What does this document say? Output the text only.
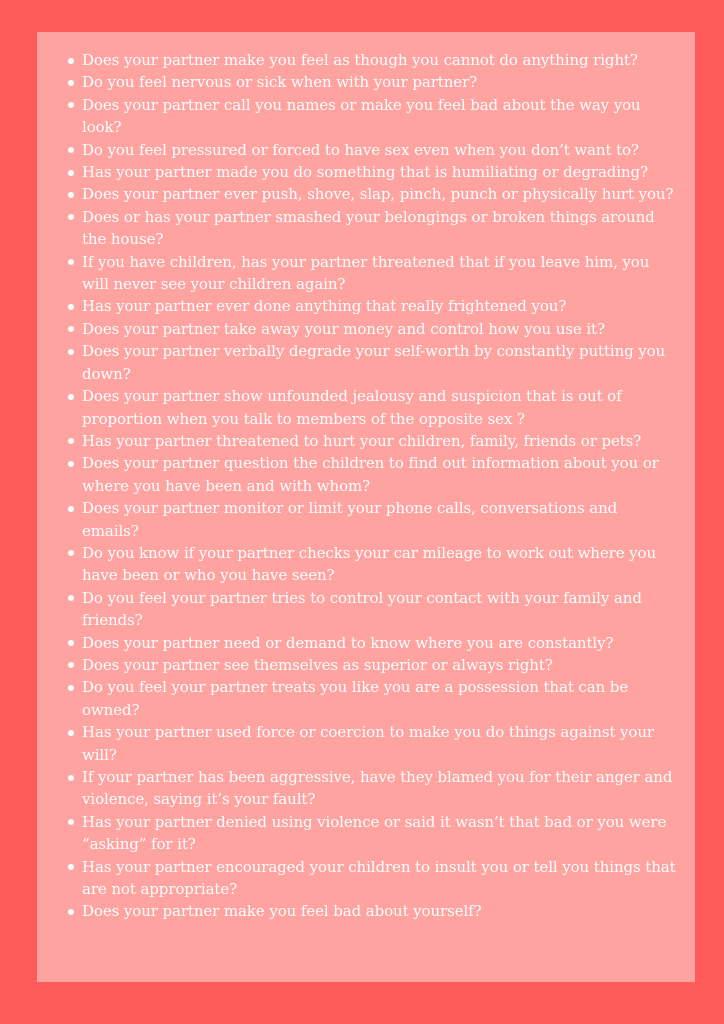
Does your partner make you feel as though you cannot do anything right?
Do you feel nervous or sick when with your partner?
Does your partner call you names or make you feel bad about the way you look?
Do you feel pressured or forced to have sex even when you don’t want to?
Has your partner made you do something that is humiliating or degrading?
Does your partner ever push, shove, slap, pinch, punch or physically hurt you?
Does or has your partner smashed your belongings or broken things around the house?
If you have children, has your partner threatened that if you leave him, you will never see your children again?
Has your partner ever done anything that really frightened you?
Does your partner take away your money and control how you use it?
Does your partner verbally degrade your self-worth by constantly putting you down?
Does your partner show unfounded jealousy and suspicion that is out of proportion when you talk to members of the opposite sex ?
Has your partner threatened to hurt your children, family, friends or pets?
Does your partner question the children to find out information about you or where you have been and with whom?
Does your partner monitor or limit your phone calls, conversations and emails?
Do you know if your partner checks your car mileage to work out where you have been or who you have seen?
Do you feel your partner tries to control your contact with your family and friends?
Does your partner need or demand to know where you are constantly?
Does your partner see themselves as superior or always right?
Do you feel your partner treats you like you are a possession that can be owned?
Has your partner used force or coercion to make you do things against your will?
If your partner has been aggressive, have they blamed you for their anger and violence, saying it’s your fault?
Has your partner denied using violence or said it wasn’t that bad or you were “asking” for it?
Has your partner encouraged your children to insult you or tell you things that are not appropriate?
Does your partner make you feel bad about yourself?
